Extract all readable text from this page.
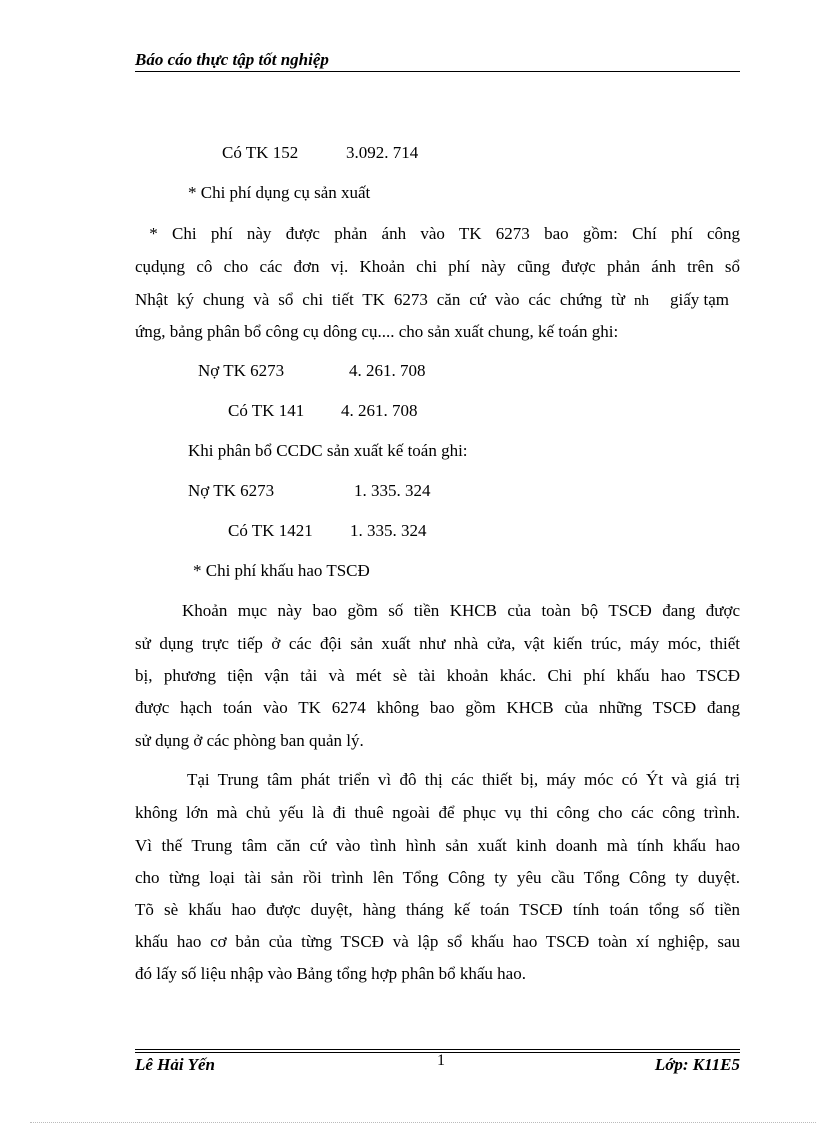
Báo cáo thực tập tốt nghiệp
Có TK 152	3.092. 714
* Chi phí dụng cụ sản xuất
* Chi phí này được phản ánh vào TK 6273 bao gồm: Chí phí công
cụdụng cô cho các đơn vị. Khoản chi phí này cũng được phản ánh trên sổ
Nhật ký chung và sổ chi tiết TK 6273 căn cứ vào các chứng từ nh giấy tạm
ứng, bảng phân bổ công cụ dông cụ.... cho sản xuất chung, kế toán ghi:
Nợ TK 6273	4. 261. 708
Có TK 141 4. 261. 708
Khi phân bổ CCDC sản xuất kế toán ghi:
Nợ TK 6273	1. 335. 324
Có TK 1421 1. 335. 324
* Chi phí khấu hao TSCĐ
Khoản mục này bao gồm số tiền KHCB của toàn bộ TSCĐ đang được
sử dụng trực tiếp ở các đội sản xuất như nhà cửa, vật kiến trúc, máy móc, thiết
bị, phương tiện vận tải và mét sè tài khoản khác. Chi phí khấu hao TSCĐ
được hạch toán vào TK 6274 không bao gồm KHCB của những TSCĐ đang
sử dụng ở các phòng ban quản lý.
Tại Trung tâm phát triển vì đô thị các thiết bị, máy móc có Ýt và giá trị
không lớn mà chủ yếu là đi thuê ngoài để phục vụ thi công cho các công trình.
Vì thế Trung tâm căn cứ vào tình hình sản xuất kinh doanh mà tính khấu hao
cho từng loại tài sản rồi trình lên Tổng Công ty yêu cầu Tổng Công ty duyệt.
Tõ sè khấu hao được duyệt, hàng tháng kế toán TSCĐ tính toán tổng số tiền
khấu hao cơ bản của từng TSCĐ và lập sổ khấu hao TSCĐ toàn xí nghiệp, sau
đó lấy số liệu nhập vào Bảng tổng hợp phân bổ khấu hao.
Lê Hải Yến	1	Lớp: K11E5
